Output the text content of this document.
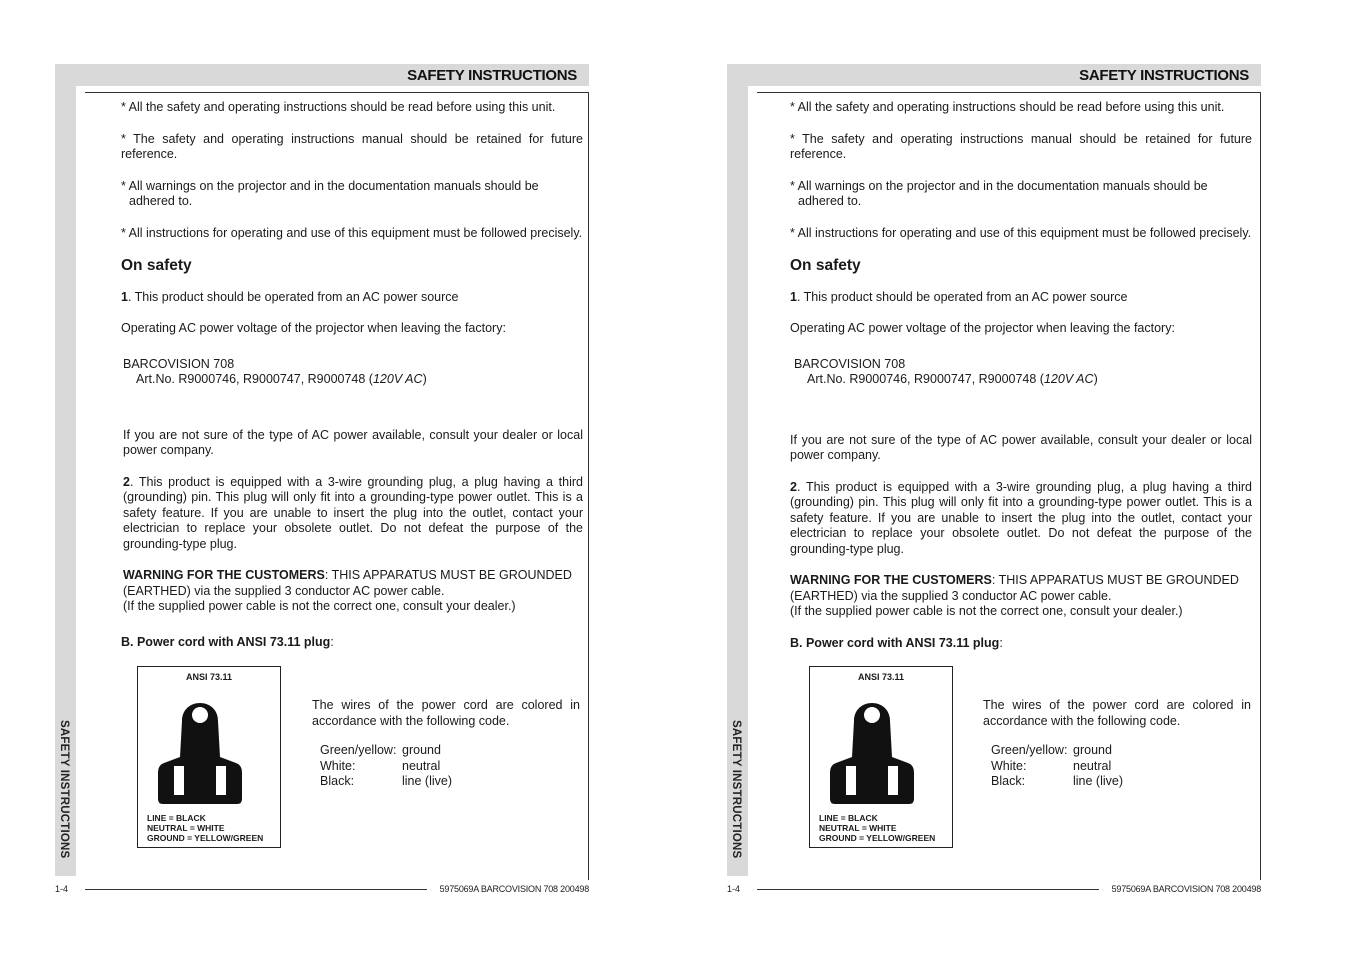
SAFETY INSTRUCTIONS
SAFETY INSTRUCTIONS

* All the safety and operating instructions should be read before using this unit.

* The safety and operating instructions manual should be retained for future reference.

* All warnings on the projector and in the documentation manuals should be adhered to.

* All instructions for operating and use of this equipment must be followed precisely.

On safety

1. This product should be operated from an AC power source

Operating AC power voltage of the projector when leaving the factory:

BARCOVISION 708

Art.No. R9000746, R9000747, R9000748 (120V AC)

If you are not sure of the type of AC power available, consult your dealer or local power company.

2. This product is equipped with a 3-wire grounding plug, a plug having a third (grounding) pin. This plug will only fit into a grounding-type power outlet. This is a safety feature. If you are unable to insert the plug into the outlet, contact your electrician to replace your obsolete outlet. Do not defeat the purpose of the grounding-type plug.

WARNING FOR THE CUSTOMERS: THIS APPARATUS MUST BE GROUNDED (EARTHED) via the supplied 3 conductor AC power cable.

(If the supplied power cable is not the correct one, consult your dealer.)

B. Power cord with ANSI 73.11 plug:

ANSI 73.11
LINE = BLACK
NEUTRAL = WHITE
GROUND = YELLOW/GREEN

The wires of the power cord are colored in accordance with the following code.

Green/yellow:	ground
White:	neutral
Black:	line (live)
1-4	5975069A BARCOVISION 708 200498
SAFETY INSTRUCTIONS
SAFETY INSTRUCTIONS

* All the safety and operating instructions should be read before using this unit.

* The safety and operating instructions manual should be retained for future reference.

* All warnings on the projector and in the documentation manuals should be adhered to.

* All instructions for operating and use of this equipment must be followed precisely.

On safety

1. This product should be operated from an AC power source

Operating AC power voltage of the projector when leaving the factory:

BARCOVISION 708

Art.No. R9000746, R9000747, R9000748 (120V AC)

If you are not sure of the type of AC power available, consult your dealer or local power company.

2. This product is equipped with a 3-wire grounding plug, a plug having a third (grounding) pin. This plug will only fit into a grounding-type power outlet. This is a safety feature. If you are unable to insert the plug into the outlet, contact your electrician to replace your obsolete outlet. Do not defeat the purpose of the grounding-type plug.

WARNING FOR THE CUSTOMERS: THIS APPARATUS MUST BE GROUNDED (EARTHED) via the supplied 3 conductor AC power cable.

(If the supplied power cable is not the correct one, consult your dealer.)

B. Power cord with ANSI 73.11 plug:

ANSI 73.11
LINE = BLACK
NEUTRAL = WHITE
GROUND = YELLOW/GREEN

The wires of the power cord are colored in accordance with the following code.

Green/yellow:	ground
White:	neutral
Black:	line (live)
1-4	5975069A BARCOVISION 708 200498
